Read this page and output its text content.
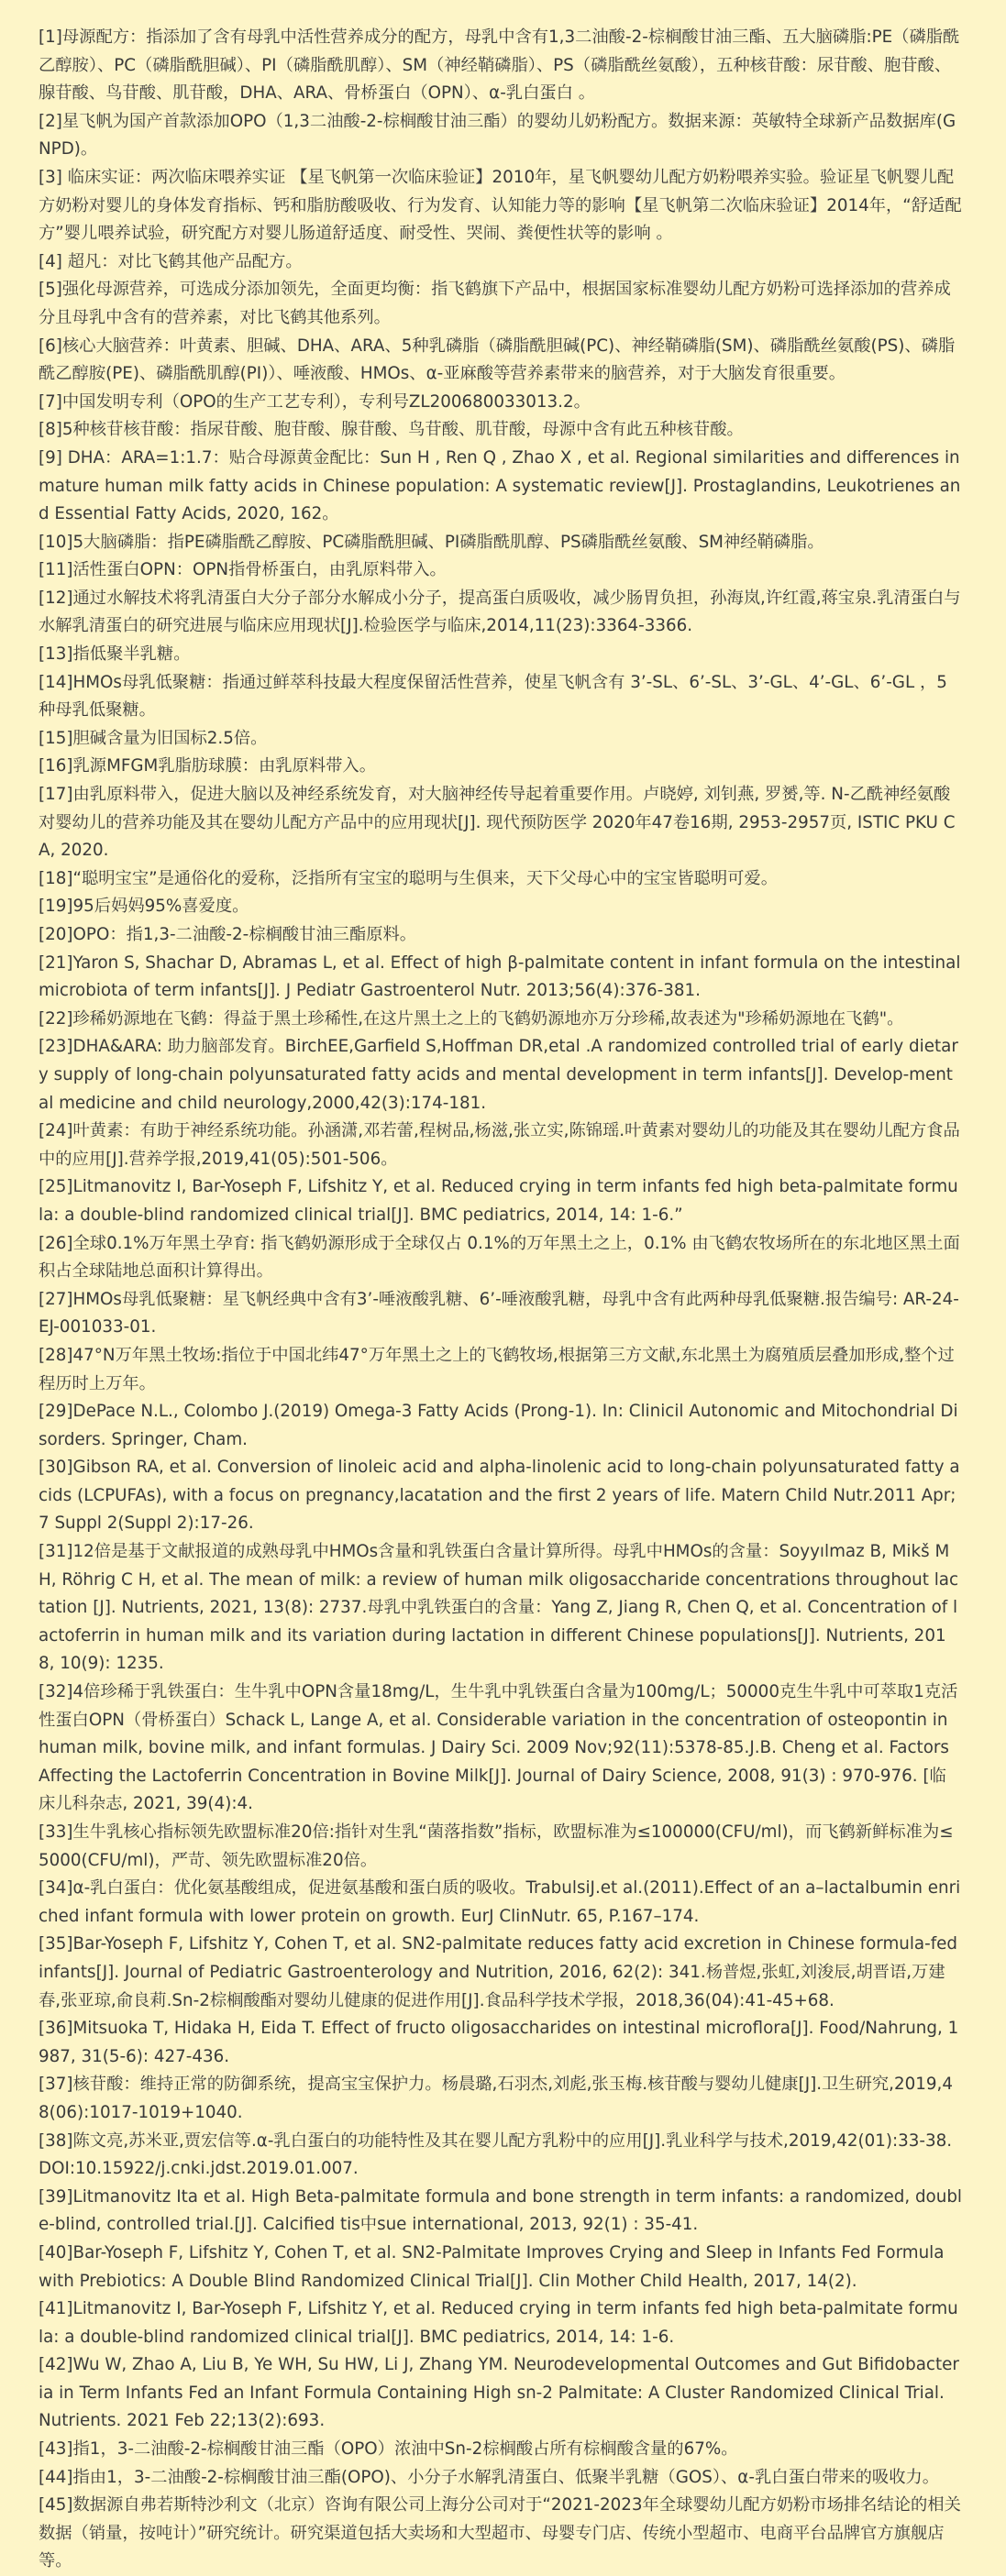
[1]母源配方：指添加了含有母乳中活性营养成分的配方，母乳中含有1,3二油酸-2-棕榈酸甘油三酯、五大脑磷脂:PE（磷脂酰乙醇胺）、PC（磷脂酰胆碱）、PI（磷脂酰肌醇）、SM（神经鞘磷脂）、PS（磷脂酰丝氨酸），五种核苷酸：尿苷酸、胞苷酸、腺苷酸、鸟苷酸、肌苷酸，DHA、ARA、骨桥蛋白（OPN）、α-乳白蛋白 。
[2]星飞帆为国产首款添加OPO（1,3二油酸-2-棕榈酸甘油三酯）的婴幼儿奶粉配方。数据来源：英敏特全球新产品数据库(GNPD)。
[3] 临床实证：两次临床喂养实证 【星飞帆第一次临床验证】2010年，星飞帆婴幼儿配方奶粉喂养实验。验证星飞帆婴儿配方奶粉对婴儿的身体发育指标、钙和脂肪酸吸收、行为发育、认知能力等的影响【星飞帆第二次临床验证】2014年，“舒适配方”婴儿喂养试验，研究配方对婴儿肠道舒适度、耐受性、哭闹、粪便性状等的影响 。
[4] 超凡：对比飞鹤其他产品配方。
[5]强化母源营养，可选成分添加领先，全面更均衡：指飞鹤旗下产品中，根据国家标准婴幼儿配方奶粉可选择添加的营养成分且母乳中含有的营养素，对比飞鹤其他系列。
[6]核心大脑营养：叶黄素、胆碱、DHA、ARA、5种乳磷脂（磷脂酰胆碱(PC)、神经鞘磷脂(SM)、磷脂酰丝氨酸(PS)、磷脂酰乙醇胺(PE)、磷脂酰肌醇(PI)）、唾液酸、HMOs、α-亚麻酸等营养素带来的脑营养，对于大脑发育很重要。
[7]中国发明专利（OPO的生产工艺专利），专利号ZL200680033013.2。
[8]5种核苷核苷酸：指尿苷酸、胞苷酸、腺苷酸、鸟苷酸、肌苷酸，母源中含有此五种核苷酸。
[9] DHA：ARA=1:1.7：贴合母源黄金配比：Sun H , Ren Q , Zhao X , et al. Regional similarities and differences in mature human milk fatty acids in Chinese population: A systematic review[J]. Prostaglandins, Leukotrienes and Essential Fatty Acids, 2020, 162。
[10]5大脑磷脂：指PE磷脂酰乙醇胺、PC磷脂酰胆碱、PI磷脂酰肌醇、PS磷脂酰丝氨酸、SM神经鞘磷脂。
[11]活性蛋白OPN：OPN指骨桥蛋白，由乳原料带入。
[12]通过水解技术将乳清蛋白大分子部分水解成小分子，提高蛋白质吸收，减少肠胃负担，孙海岚,许红霞,蒋宝泉.乳清蛋白与水解乳清蛋白的研究进展与临床应用现状[J].检验医学与临床,2014,11(23):3364-3366.
[13]指低聚半乳糖。
[14]HMOs母乳低聚糖：指通过鲜萃科技最大程度保留活性营养，使星飞帆含有 3’-SL、6’-SL、3’-GL、4’-GL、6’-GL ，5种母乳低聚糖。
[15]胆碱含量为旧国标2.5倍。
[16]乳源MFGM乳脂肪球膜：由乳原料带入。
[17]由乳原料带入，促进大脑以及神经系统发育，对大脑神经传导起着重要作用。卢晓婷, 刘钊燕, 罗赟,等. N-乙酰神经氨酸对婴幼儿的营养功能及其在婴幼儿配方产品中的应用现状[J]. 现代预防医学 2020年47卷16期, 2953-2957页, ISTIC PKU CA, 2020.
[18]“聪明宝宝”是通俗化的爱称，泛指所有宝宝的聪明与生俱来，天下父母心中的宝宝皆聪明可爱。
[19]95后妈妈95%喜爱度。
[20]OPO：指1,3-二油酸-2-棕榈酸甘油三酯原料。
[21]Yaron S, Shachar D, Abramas L, et al. Effect of high β-palmitate content in infant formula on the intestinal microbiota of term infants[J]. J Pediatr Gastroenterol Nutr. 2013;56(4):376-381.
[22]珍稀奶源地在飞鹤：得益于黑土珍稀性,在这片黑土之上的飞鹤奶源地亦万分珍稀,故表述为"珍稀奶源地在飞鹤"。
[23]DHA&ARA: 助力脑部发育。BirchEE,Garfield S,Hoffman DR,etal .A randomized controlled trial of early dietary supply of long-chain polyunsaturated fatty acids and mental development in term infants[J]. Develop-mental medicine and child neurology,2000,42(3):174-181.
[24]叶黄素：有助于神经系统功能。孙涵潇,邓若蕾,程树品,杨滋,张立实,陈锦瑶.叶黄素对婴幼儿的功能及其在婴幼儿配方食品中的应用[J].营养学报,2019,41(05):501-506。
[25]Litmanovitz I, Bar-Yoseph F, Lifshitz Y, et al. Reduced crying in term infants fed high beta-palmitate formula: a double-blind randomized clinical trial[J]. BMC pediatrics, 2014, 14: 1-6.”
[26]全球0.1%万年黑土孕育: 指飞鹤奶源形成于全球仅占 0.1%的万年黑土之上，0.1% 由飞鹤农牧场所在的东北地区黑土面积占全球陆地总面积计算得出。
[27]HMOs母乳低聚糖：星飞帆经典中含有3’-唾液酸乳糖、6’-唾液酸乳糖，母乳中含有此两种母乳低聚糖.报告编号: AR-24-EJ-001033-01.
[28]47°N万年黑土牧场:指位于中国北纬47°万年黑土之上的飞鹤牧场,根据第三方文献,东北黑土为腐殖质层叠加形成,整个过程历时上万年。
[29]DePace N.L., Colombo J.(2019) Omega-3 Fatty Acids (Prong-1). In: Clinicil Autonomic and Mitochondrial Disorders. Springer, Cham.
[30]Gibson RA, et al. Conversion of linoleic acid and alpha-linolenic acid to long-chain polyunsaturated fatty acids (LCPUFAs), with a focus on pregnancy,lacatation and the first 2 years of life. Matern Child Nutr.2011 Apr;7 Suppl 2(Suppl 2):17-26.
[31]12倍是基于文献报道的成熟母乳中HMOs含量和乳铁蛋白含量计算所得。母乳中HMOs的含量：Soyyılmaz B, Mikš M H, Röhrig C H, et al. The mean of milk: a review of human milk oligosaccharide concentrations throughout lactation [J]. Nutrients, 2021, 13(8): 2737.母乳中乳铁蛋白的含量：Yang Z, Jiang R, Chen Q, et al. Concentration of lactoferrin in human milk and its variation during lactation in different Chinese populations[J]. Nutrients, 2018, 10(9): 1235.
[32]4倍珍稀于乳铁蛋白：生牛乳中OPN含量18mg/L，生牛乳中乳铁蛋白含量为100mg/L；50000克生牛乳中可萃取1克活性蛋白OPN（骨桥蛋白）Schack L, Lange A, et al. Considerable variation in the concentration of osteopontin in human milk, bovine milk, and infant formulas. J Dairy Sci. 2009 Nov;92(11):5378-85.J.B. Cheng et al. Factors Affecting the Lactoferrin Concentration in Bovine Milk[J]. Journal of Dairy Science, 2008, 91(3) : 970-976. [临床儿科杂志, 2021, 39(4):4.
[33]生牛乳核心指标领先欧盟标准20倍:指针对生乳“菌落指数”指标，欧盟标准为≤100000(CFU/ml)，而飞鹤新鲜标准为≤5000(CFU/ml)，严苛、领先欧盟标准20倍。
[34]α-乳白蛋白：优化氨基酸组成，促进氨基酸和蛋白质的吸收。TrabulsiJ.et al.(2011).Effect of an a–lactalbumin enriched infant formula with lower protein on growth. EurJ ClinNutr. 65, P.167–174.
[35]Bar-Yoseph F, Lifshitz Y, Cohen T, et al. SN2-palmitate reduces fatty acid excretion in Chinese formula-fed infants[J]. Journal of Pediatric Gastroenterology and Nutrition, 2016, 62(2): 341.杨普煜,张虹,刘浚辰,胡晋语,万建春,张亚琼,俞良莉.Sn-2棕榈酸酯对婴幼儿健康的促进作用[J].食品科学技术学报，2018,36(04):41-45+68.
[36]Mitsuoka T, Hidaka H, Eida T. Effect of fructo oligosaccharides on intestinal microflora[J]. Food/Nahrung, 1987, 31(5‑6): 427-436.
[37]核苷酸：维持正常的防御系统，提高宝宝保护力。杨晨璐,石羽杰,刘彪,张玉梅.核苷酸与婴幼儿健康[J].卫生研究,2019,48(06):1017-1019+1040.
[38]陈文亮,苏米亚,贾宏信等.α-乳白蛋白的功能特性及其在婴儿配方乳粉中的应用[J].乳业科学与技术,2019,42(01):33-38.DOI:10.15922/j.cnki.jdst.2019.01.007.
[39]Litmanovitz Ita et al. High Beta-palmitate formula and bone strength in term infants: a randomized, double-blind, controlled trial.[J]. Calcified tis中sue international, 2013, 92(1) : 35-41.
[40]Bar-Yoseph F, Lifshitz Y, Cohen T, et al. SN2-Palmitate Improves Crying and Sleep in Infants Fed Formula with Prebiotics: A Double Blind Randomized Clinical Trial[J]. Clin Mother Child Health, 2017, 14(2).
[41]Litmanovitz I, Bar-Yoseph F, Lifshitz Y, et al. Reduced crying in term infants fed high beta-palmitate formula: a double-blind randomized clinical trial[J]. BMC pediatrics, 2014, 14: 1-6.
[42]Wu W, Zhao A, Liu B, Ye WH, Su HW, Li J, Zhang YM. Neurodevelopmental Outcomes and Gut Bifidobacteria in Term Infants Fed an Infant Formula Containing High sn-2 Palmitate: A Cluster Randomized Clinical Trial. Nutrients. 2021 Feb 22;13(2):693.
[43]指1，3-二油酸-2-棕榈酸甘油三酯（OPO）浓油中Sn-2棕榈酸占所有棕榈酸含量的67%。
[44]指由1，3-二油酸-2-棕榈酸甘油三酯(OPO)、小分子水解乳清蛋白、低聚半乳糖（GOS）、α-乳白蛋白带来的吸收力。
[45]数据源自弗若斯特沙利文（北京）咨询有限公司上海分公司对于“2021-2023年全球婴幼儿配方奶粉市场排名结论的相关数据（销量，按吨计）”研究统计。研究渠道包括大卖场和大型超市、母婴专门店、传统小型超市、电商平台品牌官方旗舰店等。
